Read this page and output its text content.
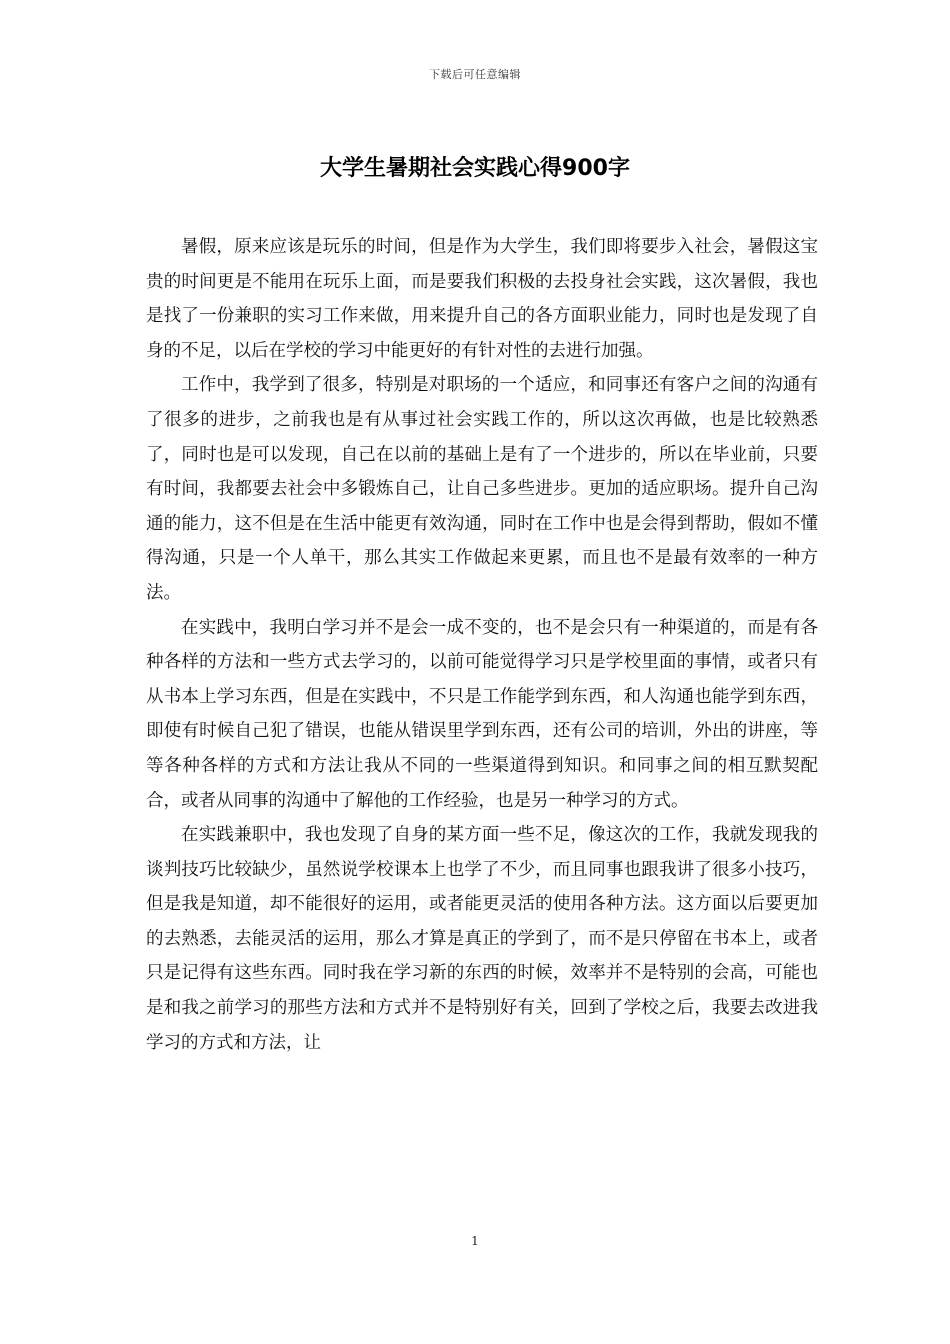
下载后可任意编辑
大学生暑期社会实践心得900字

暑假，原来应该是玩乐的时间，但是作为大学生，我们即将要步入社会，暑假这宝贵的时间更是不能用在玩乐上面，而是要我们积极的去投身社会实践，这次暑假，我也是找了一份兼职的实习工作来做，用来提升自己的各方面职业能力，同时也是发现了自身的不足，以后在学校的学习中能更好的有针对性的去进行加强。

工作中，我学到了很多，特别是对职场的一个适应，和同事还有客户之间的沟通有了很多的进步，之前我也是有从事过社会实践工作的，所以这次再做，也是比较熟悉了，同时也是可以发现，自己在以前的基础上是有了一个进步的，所以在毕业前，只要有时间，我都要去社会中多锻炼自己，让自己多些进步。更加的适应职场。提升自己沟通的能力，这不但是在生活中能更有效沟通，同时在工作中也是会得到帮助，假如不懂得沟通，只是一个人单干，那么其实工作做起来更累，而且也不是最有效率的一种方法。

在实践中，我明白学习并不是会一成不变的，也不是会只有一种渠道的，而是有各种各样的方法和一些方式去学习的，以前可能觉得学习只是学校里面的事情，或者只有从书本上学习东西，但是在实践中，不只是工作能学到东西，和人沟通也能学到东西，即使有时候自己犯了错误，也能从错误里学到东西，还有公司的培训，外出的讲座，等等各种各样的方式和方法让我从不同的一些渠道得到知识。和同事之间的相互默契配合，或者从同事的沟通中了解他的工作经验，也是另一种学习的方式。

在实践兼职中，我也发现了自身的某方面一些不足，像这次的工作，我就发现我的谈判技巧比较缺少，虽然说学校课本上也学了不少，而且同事也跟我讲了很多小技巧，但是我是知道，却不能很好的运用，或者能更灵活的使用各种方法。这方面以后要更加的去熟悉，去能灵活的运用，那么才算是真正的学到了，而不是只停留在书本上，或者只是记得有这些东西。同时我在学习新的东西的时候，效率并不是特别的会高，可能也是和我之前学习的那些方法和方式并不是特别好有关，回到了学校之后，我要去改进我学习的方式和方法，让

1
